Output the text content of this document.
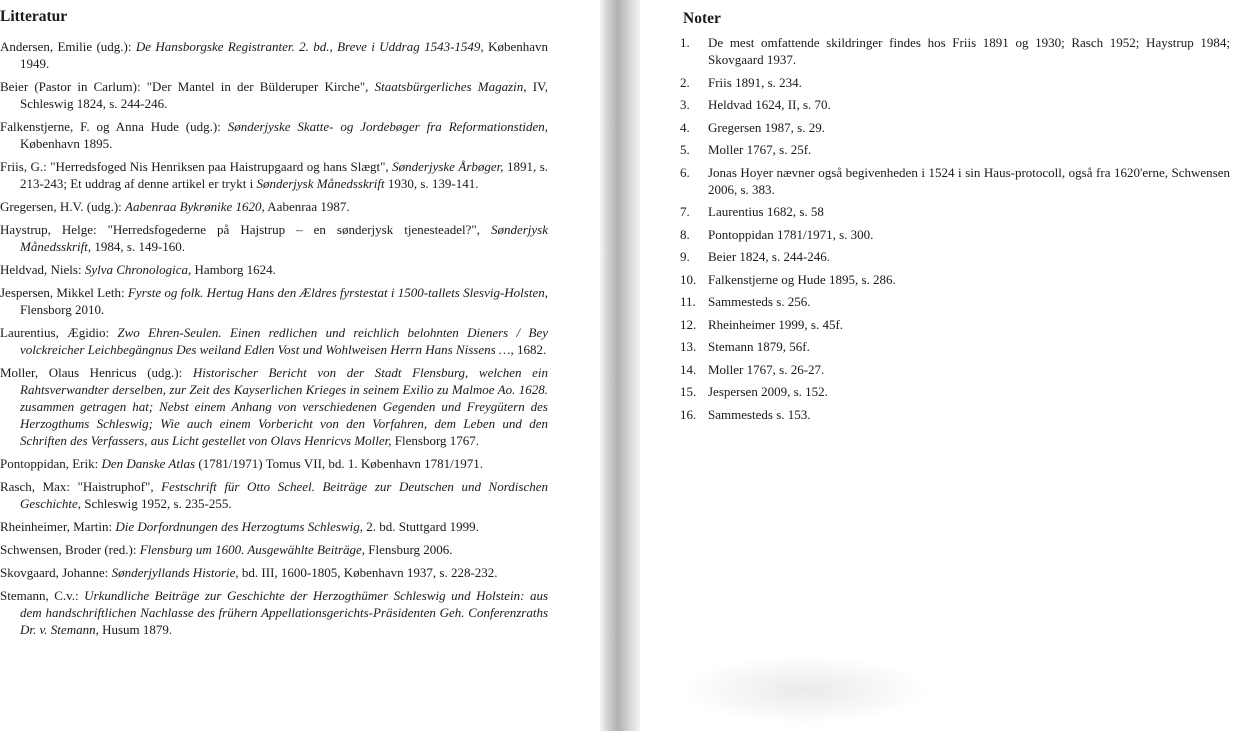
Litteratur
Andersen, Emilie (udg.): De Hansborgske Registranter. 2. bd., Breve i Uddrag 1543-1549, København 1949.
Beier (Pastor in Carlum): "Der Mantel in der Bülderuper Kirche", Staatsbürgerliches Magazin, IV, Schleswig 1824, s. 244-246.
Falkenstjerne, F. og Anna Hude (udg.): Sønderjyske Skatte- og Jordebøger fra Reformationstiden, København 1895.
Friis, G.: "Herredsfoged Nis Henriksen paa Haistrupgaard og hans Slægt", Sønderjyske Årbøger, 1891, s. 213-243; Et uddrag af denne artikel er trykt i Sønderjysk Månedsskrift 1930, s. 139-141.
Gregersen, H.V. (udg.): Aabenraa Bykrønike 1620, Aabenraa 1987.
Haystrup, Helge: "Herredsfogederne på Hajstrup – en sønderjysk tjenesteadel?", Sønderjysk Månedsskrift, 1984, s. 149-160.
Heldvad, Niels: Sylva Chronologica, Hamborg 1624.
Jespersen, Mikkel Leth: Fyrste og folk. Hertug Hans den Ældres fyrstestat i 1500-tallets Slesvig-Holsten, Flensborg 2010.
Laurentius, Ægidio: Zwo Ehren-Seulen. Einen redlichen und reichlich belohnten Dieners / Bey volckreicher Leichbegängnus Des weiland Edlen Vost und Wohlweisen Herrn Hans Nissens …, 1682.
Moller, Olaus Henricus (udg.): Historischer Bericht von der Stadt Flensburg, welchen ein Rahtsverwandter derselben, zur Zeit des Kayserlichen Krieges in seinem Exilio zu Malmoe Ao. 1628. zusammen getragen hat; Nebst einem Anhang von verschiedenen Gegenden und Freygütern des Herzogthums Schleswig; Wie auch einem Vorbericht von den Vorfahren, dem Leben und den Schriften des Verfassers, aus Licht gestellet von Olavs Henricvs Moller, Flensborg 1767.
Pontoppidan, Erik: Den Danske Atlas (1781/1971) Tomus VII, bd. 1. København 1781/1971.
Rasch, Max: "Haistruphof", Festschrift für Otto Scheel. Beiträge zur Deutschen und Nordischen Geschichte, Schleswig 1952, s. 235-255.
Rheinheimer, Martin: Die Dorfordnungen des Herzogtums Schleswig, 2. bd. Stuttgard 1999.
Schwensen, Broder (red.): Flensburg um 1600. Ausgewählte Beiträge, Flensburg 2006.
Skovgaard, Johanne: Sønderjyllands Historie, bd. III, 1600-1805, København 1937, s. 228-232.
Stemann, C.v.: Urkundliche Beiträge zur Geschichte der Herzogthümer Schleswig und Holstein: aus dem handschriftlichen Nachlasse des frühern Appellationsgerichts-Präsidenten Geh. Conferenzraths Dr. v. Stemann, Husum 1879.
Noter
1.	De mest omfattende skildringer findes hos Friis 1891 og 1930; Rasch 1952; Haystrup 1984; Skovgaard 1937.
2.	Friis 1891, s. 234.
3.	Heldvad 1624, II, s. 70.
4.	Gregersen 1987, s. 29.
5.	Moller 1767, s. 25f.
6.	Jonas Hoyer nævner også begivenheden i 1524 i sin Haus-protocoll, også fra 1620'erne, Schwensen 2006, s. 383.
7.	Laurentius 1682, s. 58
8.	Pontoppidan 1781/1971, s. 300.
9.	Beier 1824, s. 244-246.
10. Falkenstjerne og Hude 1895, s. 286.
11. Sammesteds s. 256.
12. Rheinheimer 1999, s. 45f.
13. Stemann 1879, 56f.
14. Moller 1767, s. 26-27.
15. Jespersen 2009, s. 152.
16. Sammesteds s. 153.
